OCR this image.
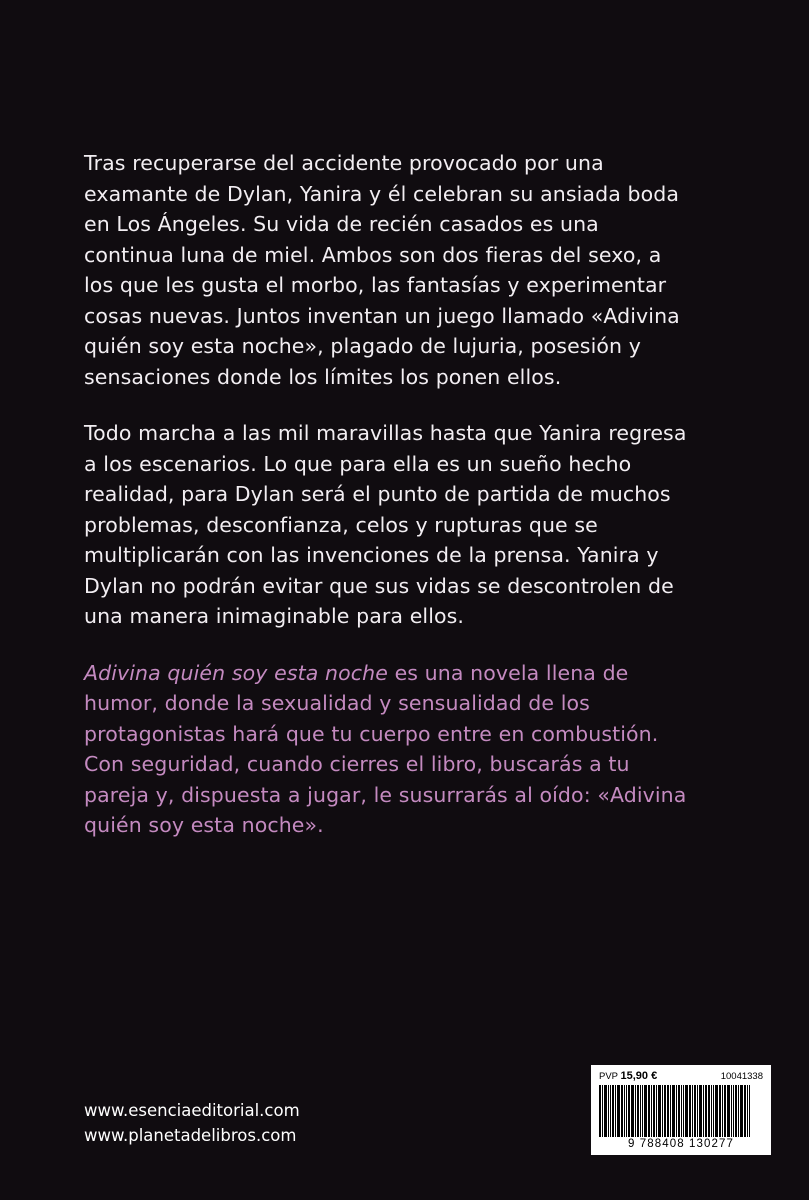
Tras recuperarse del accidente provocado por una examante de Dylan, Yanira y él celebran su ansiada boda en Los Ángeles. Su vida de recién casados es una continua luna de miel. Ambos son dos fieras del sexo, a los que les gusta el morbo, las fantasías y experimentar cosas nuevas. Juntos inventan un juego llamado «Adivina quién soy esta noche», plagado de lujuria, posesión y sensaciones donde los límites los ponen ellos.

Todo marcha a las mil maravillas hasta que Yanira regresa a los escenarios. Lo que para ella es un sueño hecho realidad, para Dylan será el punto de partida de muchos problemas, desconfianza, celos y rupturas que se multiplicarán con las invenciones de la prensa. Yanira y Dylan no podrán evitar que sus vidas se descontrolen de una manera inimaginable para ellos.

Adivina quién soy esta noche es una novela llena de humor, donde la sexualidad y sensualidad de los protagonistas hará que tu cuerpo entre en combustión. Con seguridad, cuando cierres el libro, buscarás a tu pareja y, dispuesta a jugar, le susurrarás al oído: «Adivina quién soy esta noche».

www.esenciaeditorial.com
www.planetadelibros.com
PVP 15,90 €	10041338
9 788408 130277
